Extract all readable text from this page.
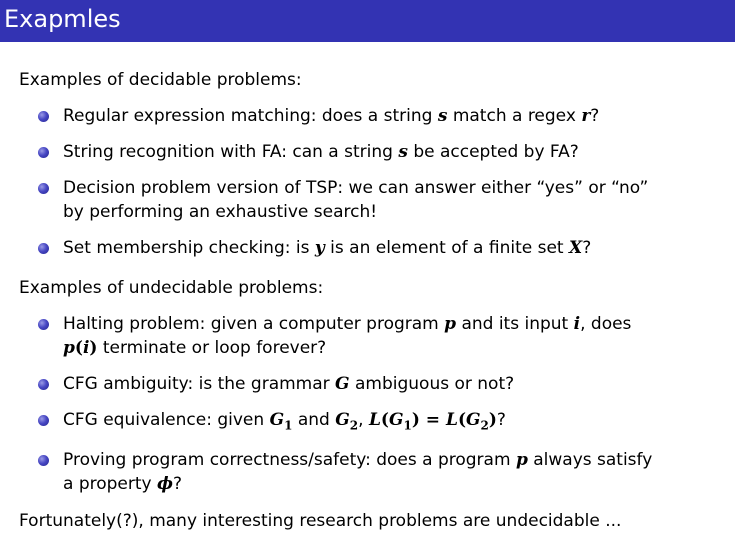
Exapmles
Examples of decidable problems:
Regular expression matching: does a string s match a regex r?
String recognition with FA: can a string s be accepted by FA?
Decision problem version of TSP: we can answer either “yes” or “no”
by performing an exhaustive search!
Set membership checking: is y is an element of a finite set X?
Examples of undecidable problems:
Halting problem: given a computer program p and its input i, does
p(i) terminate or loop forever?
CFG ambiguity: is the grammar G ambiguous or not?
CFG equivalence: given $G_1$ and $G_2$, $L(G_1) = L(G_2)$?
Proving program correctness/safety: does a program p always satisfy
a property ϕ?
Fortunately(?), many interesting research problems are undecidable ...
